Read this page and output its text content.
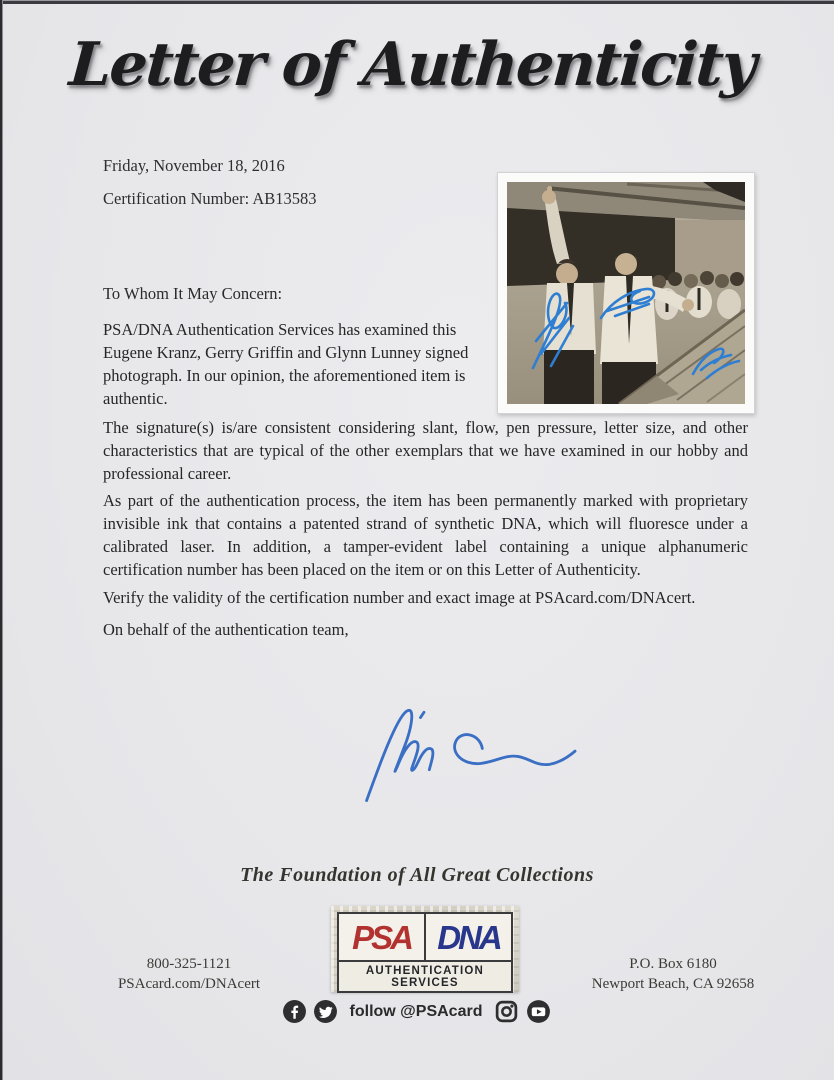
Letter of Authenticity
Friday, November 18, 2016
Certification Number: AB13583
To Whom It May Concern:
PSA/DNA Authentication Services has examined this Eugene Kranz, Gerry Griffin and Glynn Lunney signed photograph. In our opinion, the aforementioned item is authentic.
The signature(s) is/are consistent considering slant, flow, pen pressure, letter size, and other characteristics that are typical of the other exemplars that we have examined in our hobby and professional career.
As part of the authentication process, the item has been permanently marked with proprietary invisible ink that contains a patented strand of synthetic DNA, which will fluoresce under a calibrated laser. In addition, a tamper-evident label containing a unique alphanumeric certification number has been placed on the item or on this Letter of Authenticity.
Verify the validity of the certification number and exact image at PSAcard.com/DNAcert.
On behalf of the authentication team,
The Foundation of All Great Collections
PSA DNA
AUTHENTICATION SERVICES
follow @PSAcard
800-325-1121
PSAcard.com/DNAcert
P.O. Box 6180
Newport Beach, CA 92658
